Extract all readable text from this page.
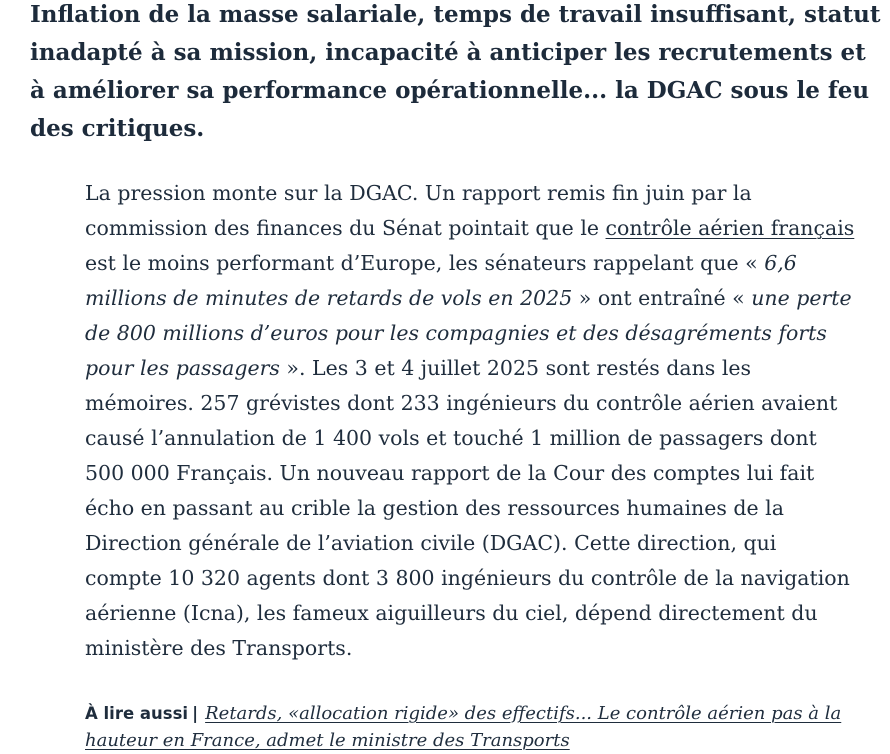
Inflation de la masse salariale, temps de travail insuffisant, statut inadapté à sa mission, incapacité à anticiper les recrutements et à améliorer sa performance opérationnelle... la DGAC sous le feu des critiques.

La pression monte sur la DGAC. Un rapport remis fin juin par la commission des finances du Sénat pointait que le contrôle aérien français est le moins performant d’Europe, les sénateurs rappelant que « 6,6 millions de minutes de retards de vols en 2025 » ont entraîné « une perte de 800 millions d’euros pour les compagnies et des désagréments forts pour les passagers ». Les 3 et 4 juillet 2025 sont restés dans les mémoires. 257 grévistes dont 233 ingénieurs du contrôle aérien avaient causé l’annulation de 1 400 vols et touché 1 million de passagers dont 500 000 Français. Un nouveau rapport de la Cour des comptes lui fait écho en passant au crible la gestion des ressources humaines de la Direction générale de l’aviation civile (DGAC). Cette direction, qui compte 10 320 agents dont 3 800 ingénieurs du contrôle de la navigation aérienne (Icna), les fameux aiguilleurs du ciel, dépend directement du ministère des Transports.

À lire aussi | Retards, «allocation rigide» des effectifs... Le contrôle aérien pas à la hauteur en France, admet le ministre des Transports
